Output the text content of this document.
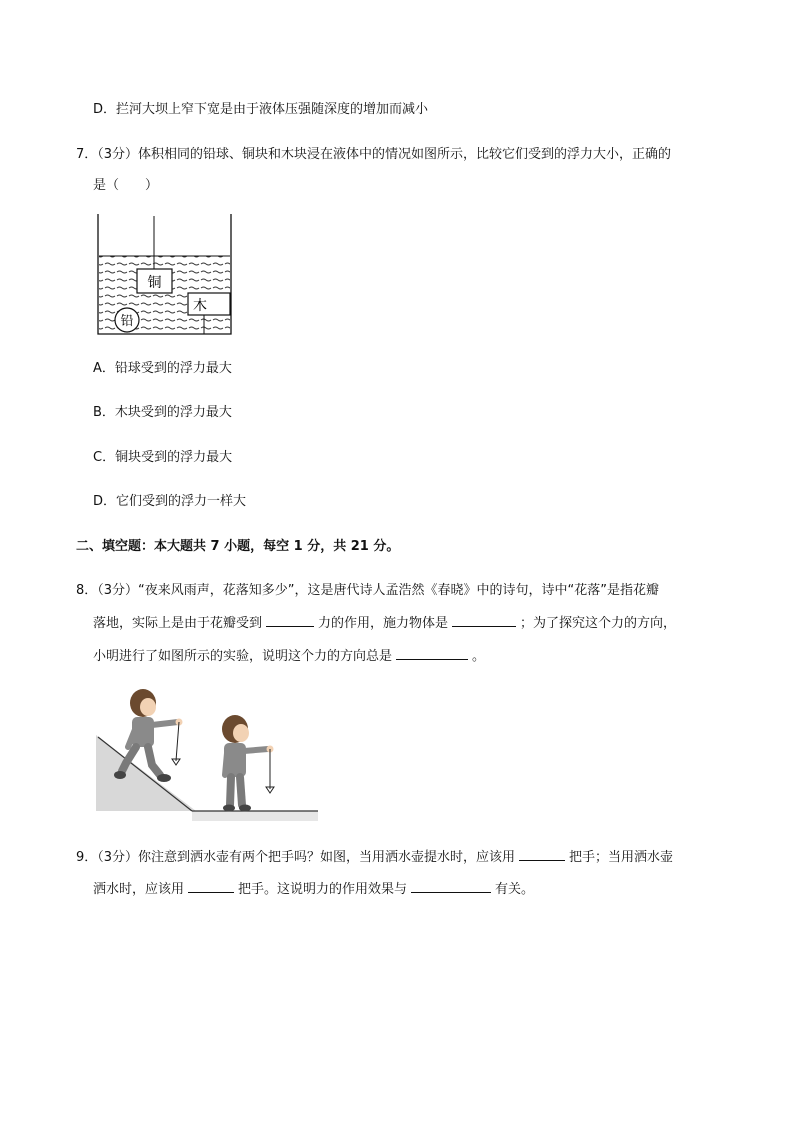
D．拦河大坝上窄下宽是由于液体压强随深度的增加而减小
7．（3分）体积相同的铅球、铜块和木块浸在液体中的情况如图所示，比较它们受到的浮力大小，正确的
是（　　）
铜
木
铅
A．铅球受到的浮力最大
B．木块受到的浮力最大
C．铜块受到的浮力最大
D．它们受到的浮力一样大
二、填空题：本大题共 7 小题，每空 1 分，共 21 分。
8．（3分）“夜来风雨声，花落知多少”，这是唐代诗人孟浩然《春晓》中的诗句，诗中“花落”是指花瓣
落地，实际上是由于花瓣受到	力的作用，施力物体是	；为了探究这个力的方向，
小明进行了如图所示的实验，说明这个力的方向总是	。
9．（3分）你注意到洒水壶有两个把手吗？如图，当用洒水壶提水时，应该用	把手；当用洒水壶
洒水时，应该用	把手。这说明力的作用效果与	有关。
